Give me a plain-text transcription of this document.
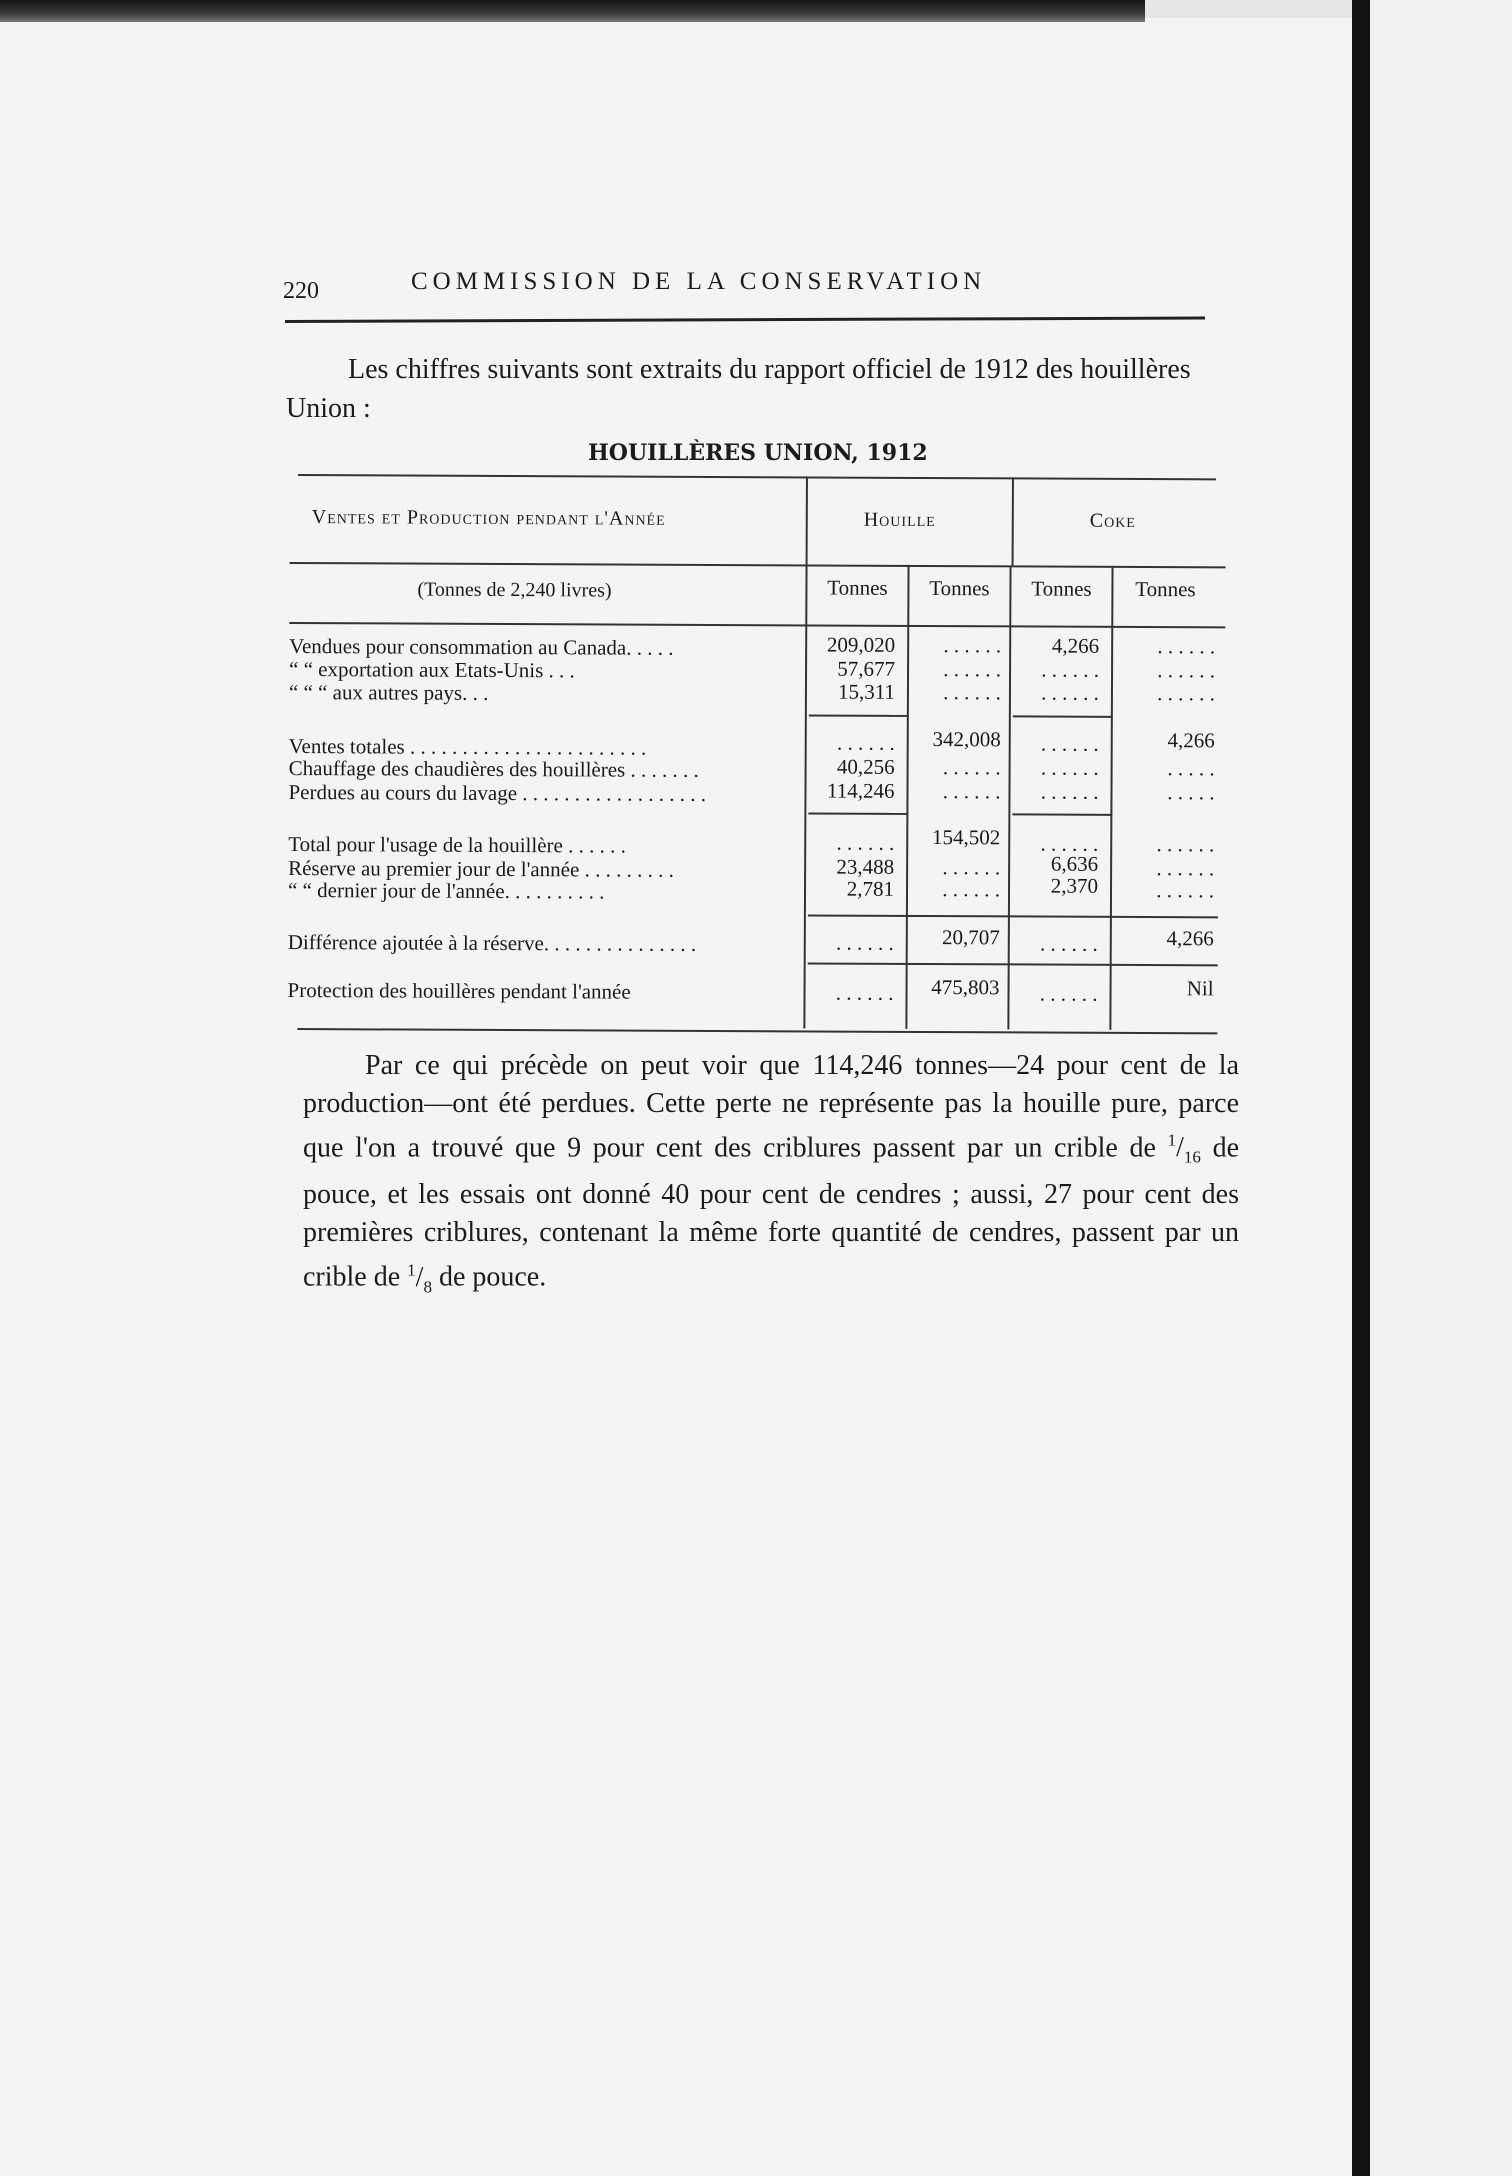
220	COMMISSION DE LA CONSERVATION
Les chiffres suivants sont extraits du rapport officiel de 1912 des houillères Union :
HOUILLÈRES UNION, 1912
Ventes et Production pendant l'Année	Houille	Coke
(Tonnes de 2,240 livres)	Tonnes	Tonnes	Tonnes	Tonnes
Vendues pour consommation au Canada. . . . .	209,020	. . . . . .	4,266	. . . . . .
“ “ exportation aux Etats-Unis . . .	57,677	. . . . . .	. . . . . .	. . . . . .
“ “ “ aux autres pays. . .	15,311	. . . . . .	. . . . . .	. . . . . .
Ventes totales . . . . . . . . . . . . . . . . . . . . . . .	. . . . . .	342,008	. . . . . .	4,266
Chauffage des chaudières des houillères . . . . . . .	40,256	. . . . . .	. . . . . .	. . . . .
Perdues au cours du lavage . . . . . . . . . . . . . . . . . .	114,246	. . . . . .	. . . . . .	. . . . .
Total pour l'usage de la houillère . . . . . .	. . . . . .	154,502	. . . . . .	. . . . . .
Réserve au premier jour de l'année . . . . . . . . .	23,488	. . . . . .	6,636	. . . . . .
“ “ dernier jour de l'année. . . . . . . . . .	2,781	. . . . . .	2,370	. . . . . .
Différence ajoutée à la réserve. . . . . . . . . . . . . . .	. . . . . .	20,707	. . . . . .	4,266
Protection des houillères pendant l'année	. . . . . .	475,803	. . . . . .	Nil
Par ce qui précède on peut voir que 114,246 tonnes—24 pour cent de la production—ont été perdues. Cette perte ne représente pas la houille pure, parce que l'on a trouvé que 9 pour cent des criblures passent par un crible de $^1/_{16}$ de pouce, et les essais ont donné 40 pour cent de cendres ; aussi, 27 pour cent des premières criblures, contenant la même forte quantité de cendres, passent par un crible de $^1/_8$ de pouce.
